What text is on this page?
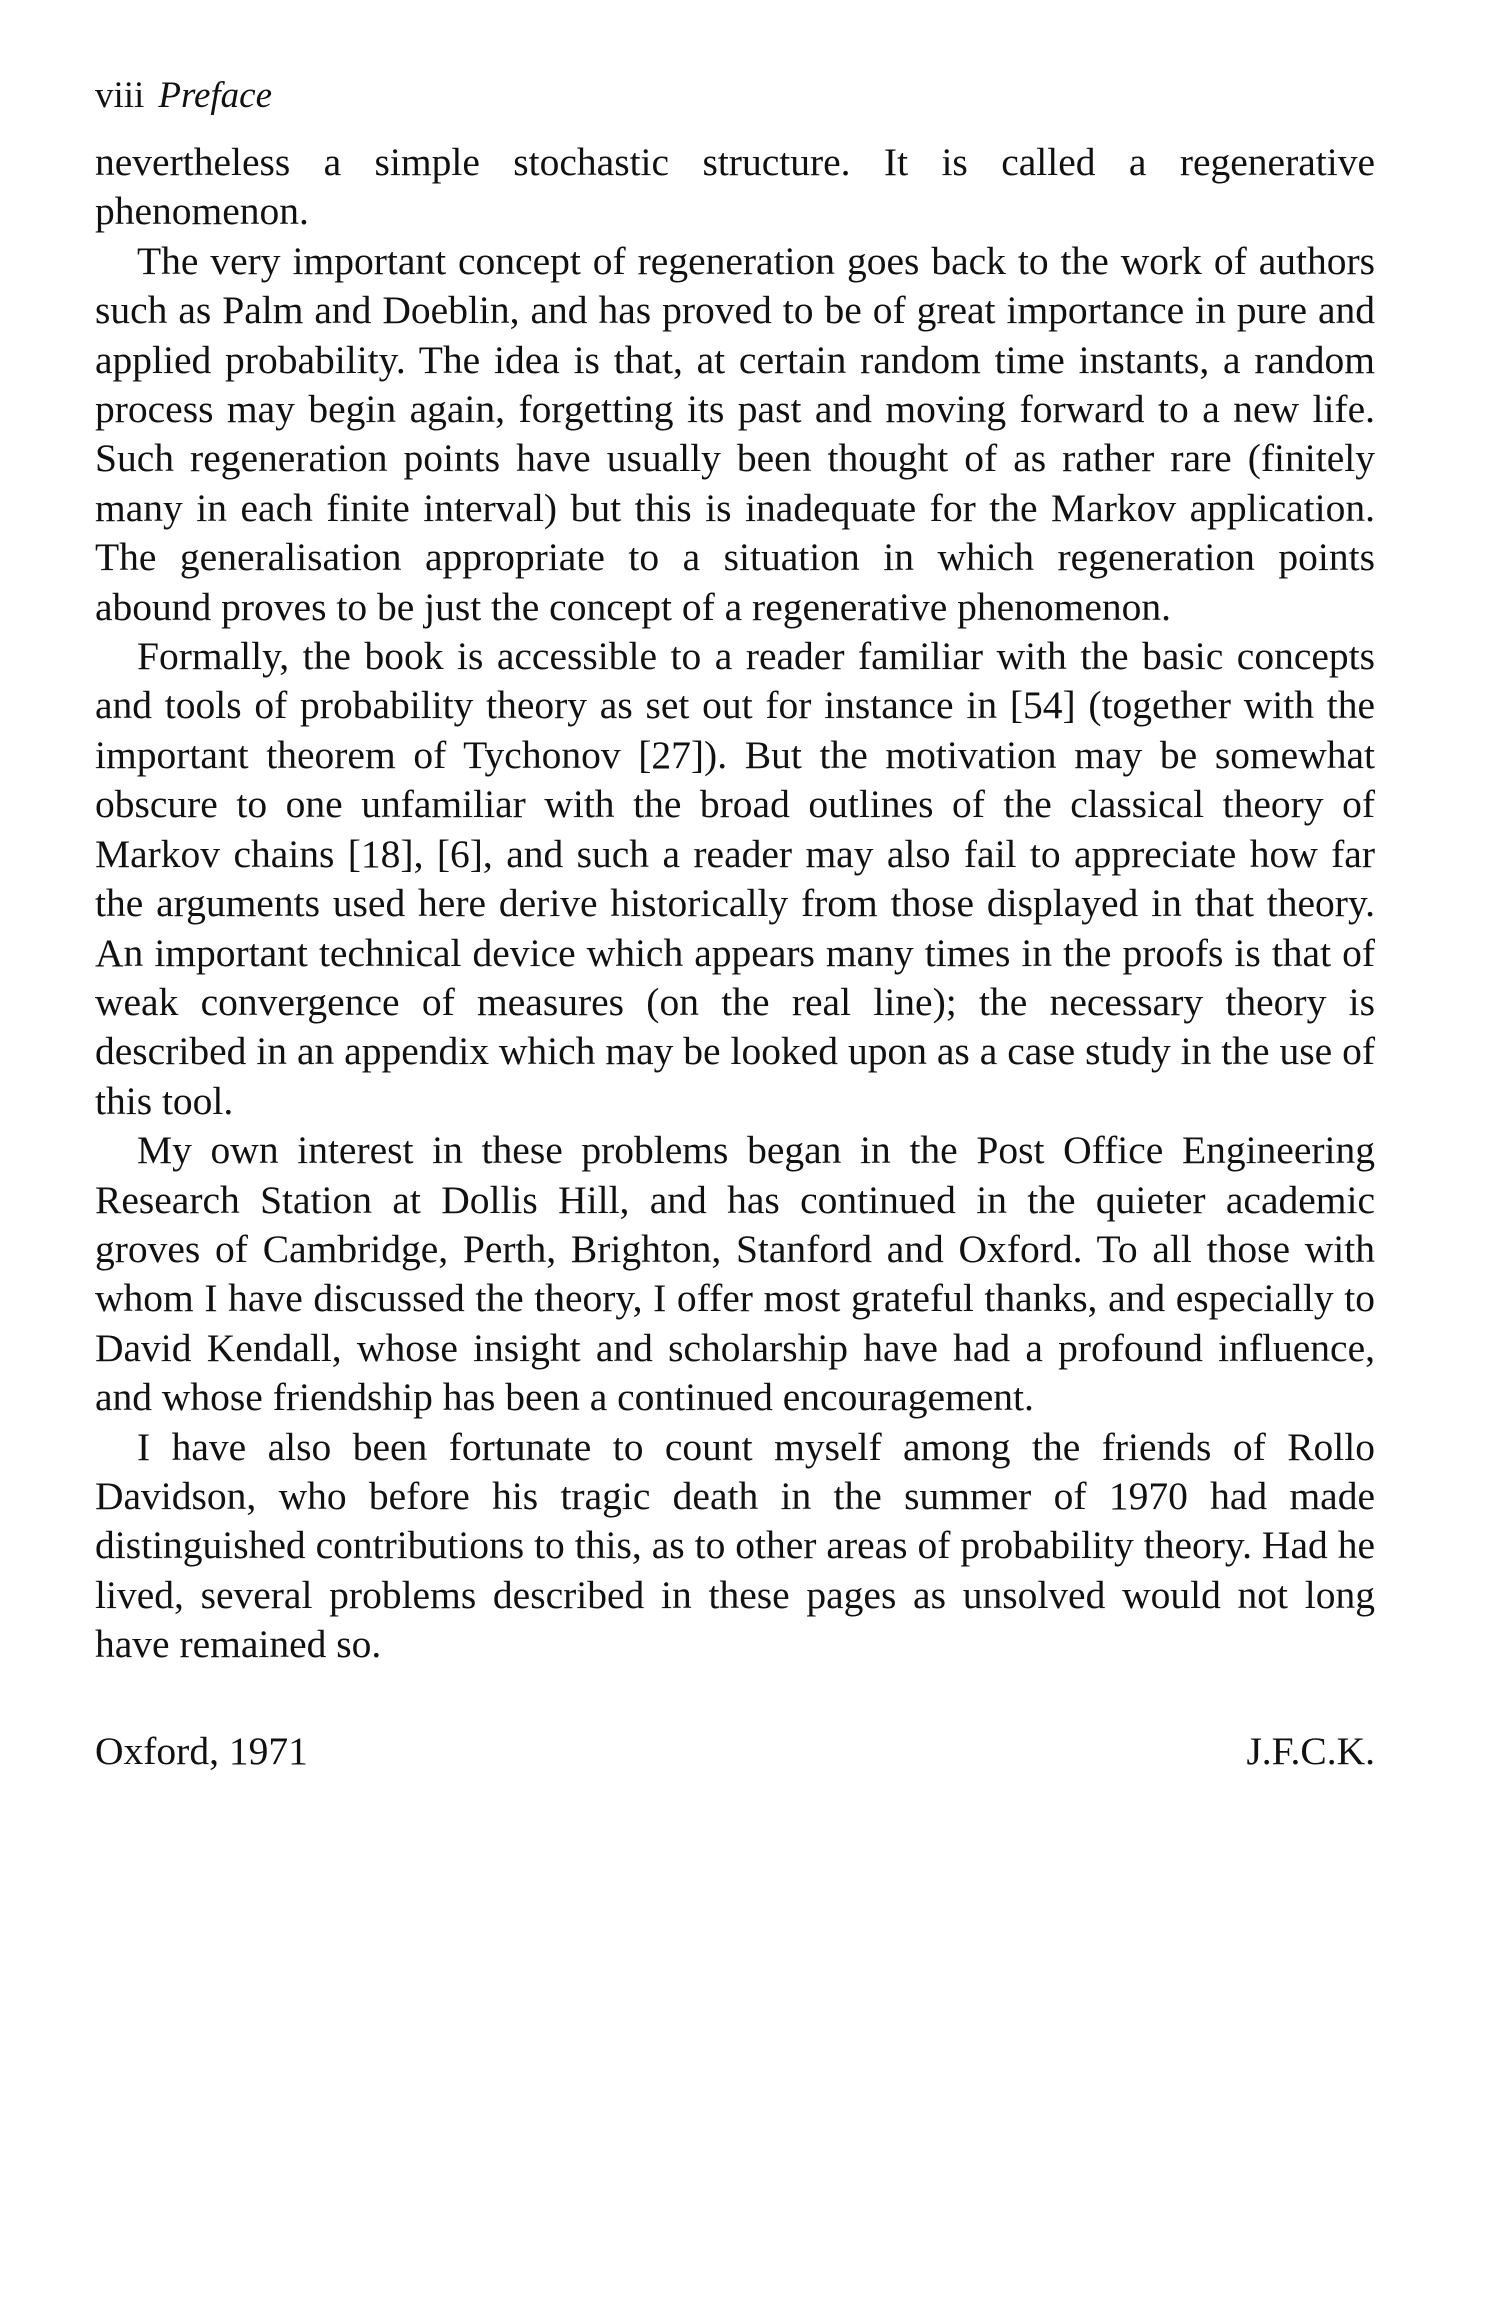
viii Preface

nevertheless a simple stochastic structure. It is called a regenerative phenomenon.

The very important concept of regeneration goes back to the work of authors such as Palm and Doeblin, and has proved to be of great importance in pure and applied probability. The idea is that, at certain random time instants, a random process may begin again, forgetting its past and moving forward to a new life. Such regeneration points have usually been thought of as rather rare (finitely many in each finite interval) but this is inadequate for the Markov application. The generalisation appropriate to a situation in which regeneration points abound proves to be just the concept of a regenerative phenomenon.

Formally, the book is accessible to a reader familiar with the basic concepts and tools of probability theory as set out for instance in [54] (together with the important theorem of Tychonov [27]). But the motivation may be somewhat obscure to one unfamiliar with the broad outlines of the classical theory of Markov chains [18], [6], and such a reader may also fail to appreciate how far the arguments used here derive historically from those displayed in that theory. An important technical device which appears many times in the proofs is that of weak convergence of measures (on the real line); the necessary theory is described in an appendix which may be looked upon as a case study in the use of this tool.

My own interest in these problems began in the Post Office Engineering Research Station at Dollis Hill, and has continued in the quieter academic groves of Cambridge, Perth, Brighton, Stanford and Oxford. To all those with whom I have discussed the theory, I offer most grateful thanks, and especially to David Kendall, whose insight and scholarship have had a profound influence, and whose friendship has been a continued encouragement.

I have also been fortunate to count myself among the friends of Rollo Davidson, who before his tragic death in the summer of 1970 had made distinguished contributions to this, as to other areas of probability theory. Had he lived, several problems described in these pages as unsolved would not long have remained so.

Oxford, 1971	J.F.C.K.
